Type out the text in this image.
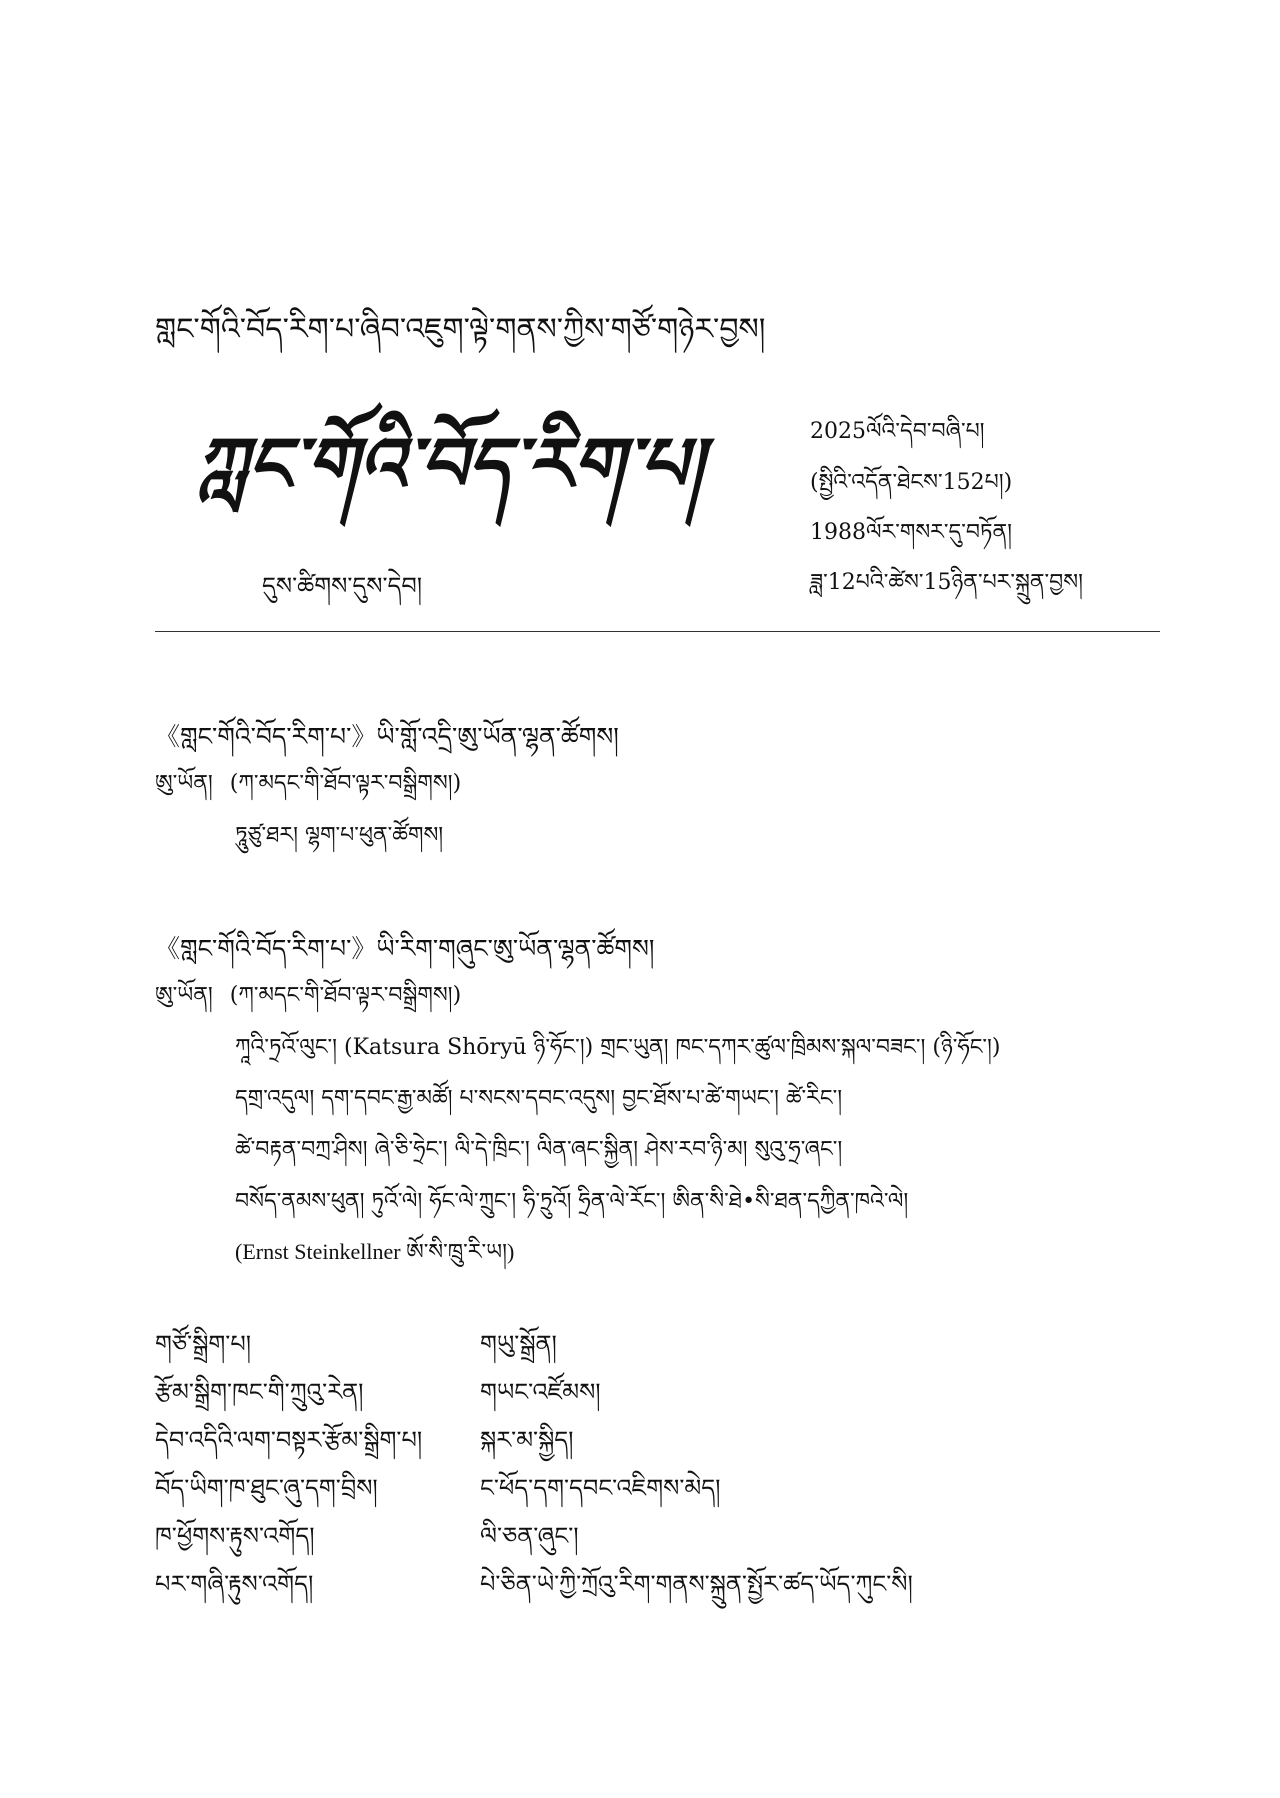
གླང་གོའི་བོད་རིག་པ་ཞིབ་འཇུག་ལྟེ་གནས་ཀྱིས་གཙོ་གཉེར་བྱས།
ཀླང་གོའི་བོད་རིག་པ།
དུས་ཚིགས་དུས་དེབ།
2025ལོའི་དེབ་བཞི་པ།
(སྤྱིའི་འདོན་ཐེངས་152པ།)
1988ལོར་གསར་དུ་བཏོན།
ཟླ་12པའི་ཚེས་15ཉིན་པར་སྐྲུན་བྱས།
《གླང་གོའི་བོད་རིག་པ་》ཡི་གློ་འདྲི་ཨུ་ཡོན་ལྷན་ཚོགས།
ཨུ་ཡོན། (ཀ་མདང་གི་ཐོབ་ལྟར་བསྒྲིགས།)
ཏཱུཙུ་ཐར། ལྷག་པ་ཕུན་ཚོགས།
《གླང་གོའི་བོད་རིག་པ་》ཡི་རིག་གཞུང་ཨུ་ཡོན་ལྷན་ཚོགས།
ཨུ་ཡོན། (ཀ་མདང་གི་ཐོབ་ལྟར་བསྒྲིགས།)
ཀཱའི་ཏྲའོ་ལུང་། (Katsura Shōryū ཉི་ཧོང་།) གྲང་ཡུན། ཁང་དཀར་ཚུལ་ཁྲིམས་སྐལ་བཟང་། (ཉི་ཧོང་།)
དགྲ་འདུལ། དག་དབང་རྒྱ་མཚོ། པ་སངས་དབང་འདུས། བྱང་ཐོས་པ་ཚེ་གཡང་། ཚེ་རིང་།
ཚེ་བརྟན་བཀྲ་ཤིས། ཞེ་ཅི་ཧྲེང་། ལི་དེ་ཁྲིང་། ལིན་ཞང་སྐྱིན། ཤེས་རབ་ཉི་མ། སུའུ་ཧྲ་ཞང་།
བསོད་ནམས་ཕུན། ཏུའོ་ལེ། ཧོང་ལེ་ཀྲུང་། ཧི་ཏྲུའོ། ཧྲིན་ལེ་རོང་། ཨིན་སི་ཐེ•སི་ཐན་དཀྱིན་ཁའེ་ལེ།
(Ernst Steinkellner ཨོ་སི་ཁྲུ་རི་ཡ།)
གཙོ་སྒྲིག་པ།	གཡུ་སྒྲོན།
རྩོམ་སྒྲིག་ཁང་གི་ཀྲུའུ་རེན།	གཡང་འཛོམས།
དེབ་འདིའི་ལག་བསྟར་རྩོམ་སྒྲིག་པ། སྐར་མ་སྐྱིད།
བོད་ཡིག་ཁ་ཐུང་ཞུ་དག་བྲིས།	ང་ཕོད་དག་དབང་འཇིགས་མེད།
ཁ་ཕྱོགས་རྟུས་འགོད།	ལི་ཅན་ཞུང་།
པར་གཞི་རྟུས་འགོད།	པེ་ཅིན་ཡེ་ཀྱི་ཀྲོའུ་རིག་གནས་སྐྲུན་སྤྱོར་ཚད་ཡོད་ཀུང་སི།
